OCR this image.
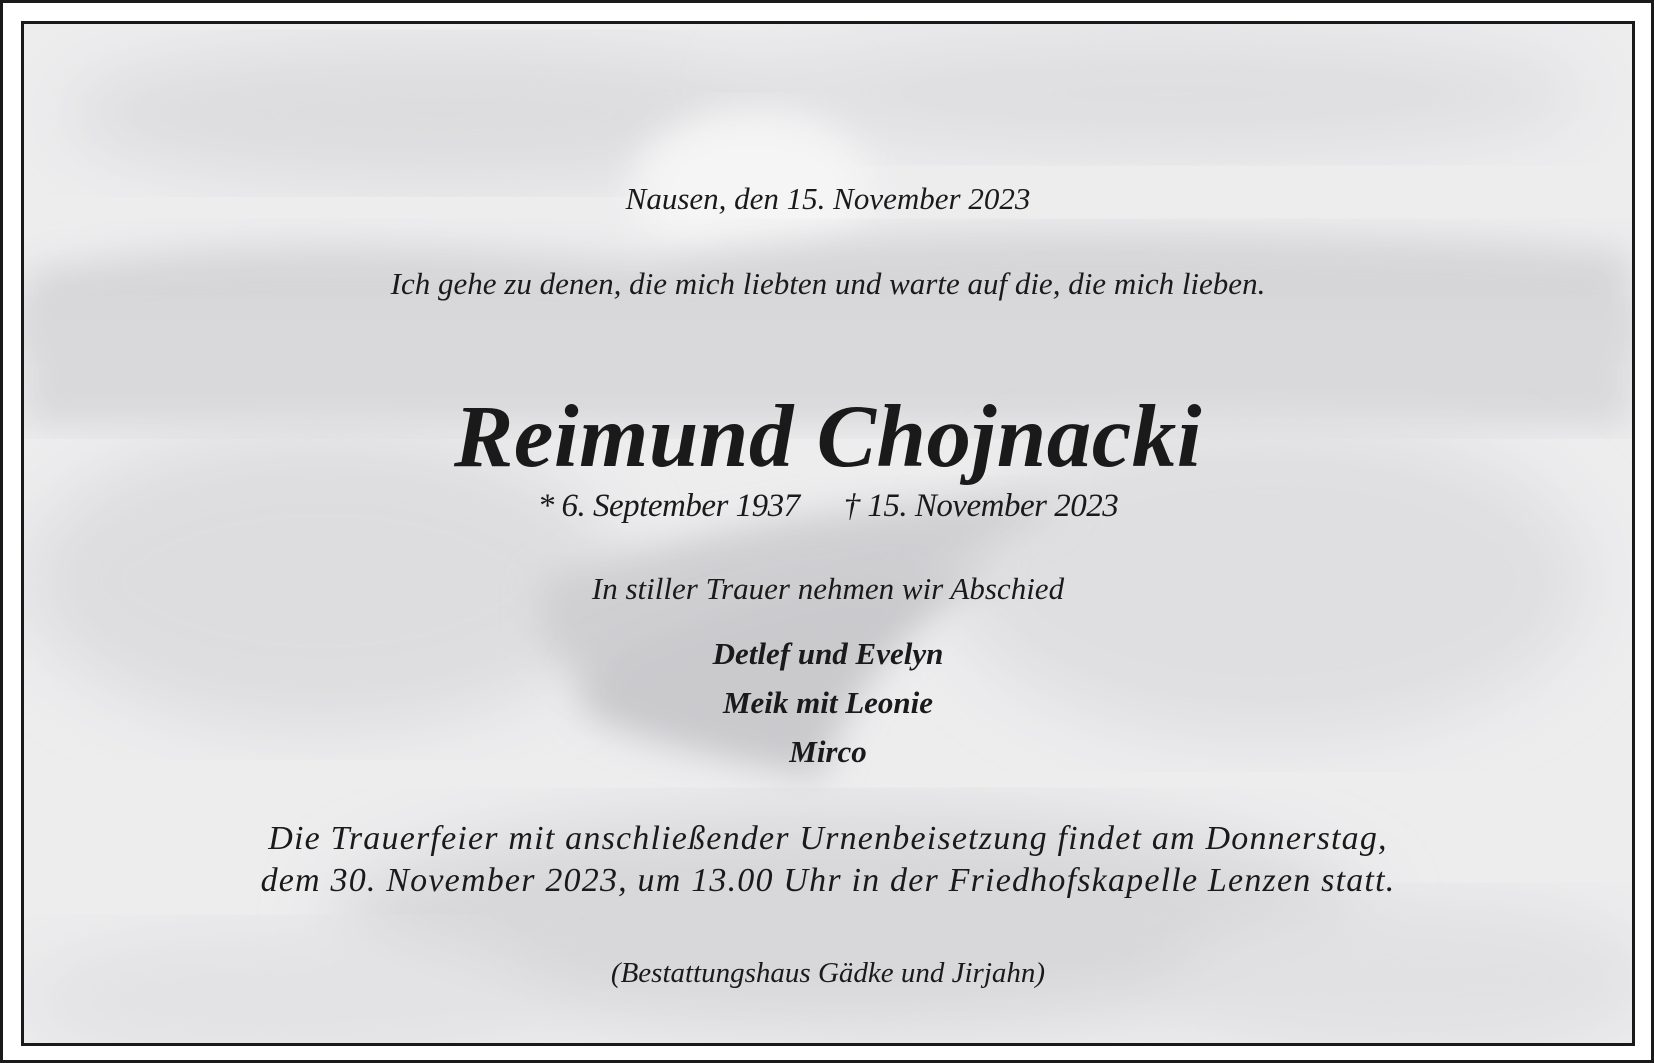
Nausen, den 15. November 2023
Ich gehe zu denen, die mich liebten und warte auf die, die mich lieben.
Reimund Chojnacki
* 6. September 1937 † 15. November 2023
In stiller Trauer nehmen wir Abschied
Detlef und Evelyn
Meik mit Leonie
Mirco
Die Trauerfeier mit anschließender Urnenbeisetzung findet am Donnerstag,
dem 30. November 2023, um 13.00 Uhr in der Friedhofskapelle Lenzen statt.
(Bestattungshaus Gädke und Jirjahn)
